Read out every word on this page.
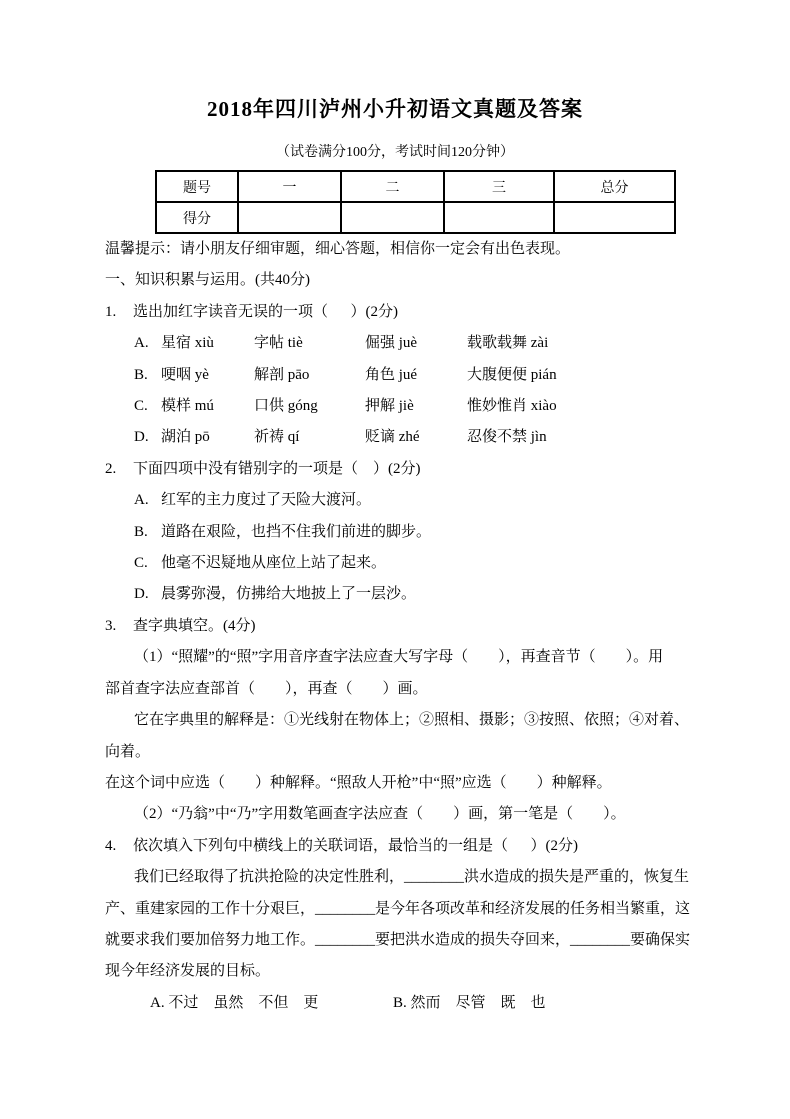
2018年四川泸州小升初语文真题及答案
（试卷满分100分，考试时间120分钟）
题号	一	二	三	总分
得分				
温馨提示：请小朋友仔细审题，细心答题，相信你一定会有出色表现。
一、知识积累与运用。(共40分)
1. 选出加红字读音无误的一项（      ）(2分)
A. 星宿 xiù	字帖 tiè	倔强 juè	载歌载舞 zài
B. 哽咽 yè	解剖 pāo	角色 jué	大腹便便 pián
C. 模样 mú	口供 góng	押解 jiè	惟妙惟肖 xiào
D. 湖泊 pō	祈祷 qí	贬谪 zhé	忍俊不禁 jìn
2. 下面四项中没有错别字的一项是（    ）(2分)
A. 红军的主力度过了天险大渡河。
B. 道路在艰险，也挡不住我们前进的脚步。
C. 他毫不迟疑地从座位上站了起来。
D. 晨雾弥漫，仿拂给大地披上了一层沙。
3. 查字典填空。(4分)
（1）“照耀”的“照”字用音序查字法应查大写字母（        ），再查音节（        ）。用
部首查字法应查部首（        ），再查（        ）画。
它在字典里的解释是：①光线射在物体上；②照相、摄影；③按照、依照；④对着、
向着。
在这个词中应选（        ）种解释。“照敌人开枪”中“照”应选（        ）种解释。
（2）“乃翁”中“乃”字用数笔画查字法应查（        ）画，第一笔是（        ）。
4. 依次填入下列句中横线上的关联词语，最恰当的一组是（      ）(2分)
我们已经取得了抗洪抢险的决定性胜利，________洪水造成的损失是严重的，恢复生
产、重建家园的工作十分艰巨，________是今年各项改革和经济发展的任务相当繁重，这
就要求我们要加倍努力地工作。________要把洪水造成的损失夺回来，________要确保实
现今年经济发展的目标。
A. 不过　虽然　不但　更	B. 然而　尽管　既　也
